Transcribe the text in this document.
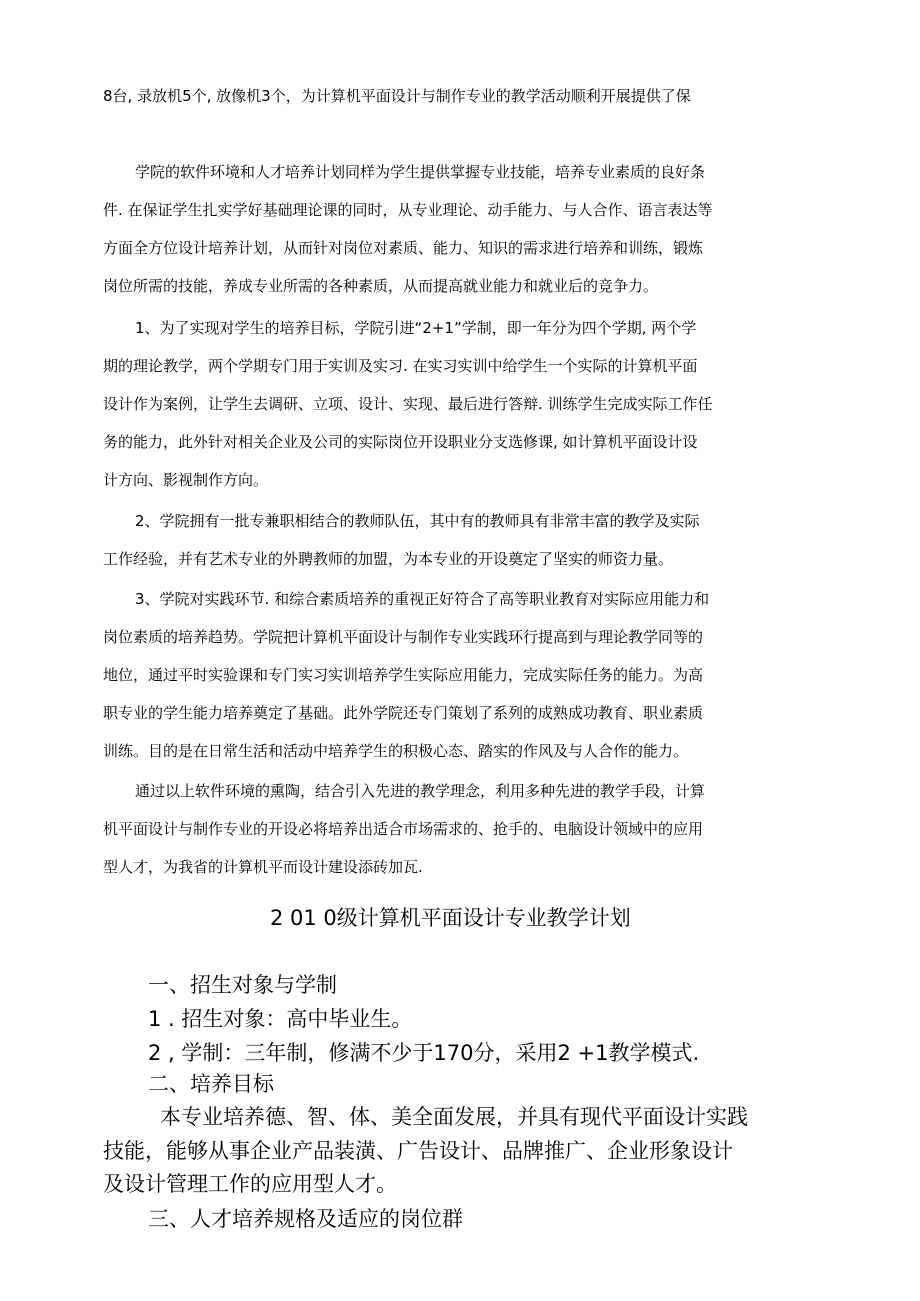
8台, 录放机5个, 放像机3个，为计算机平面设计与制作专业的教学活动顺利开展提供了保
学院的软件环境和人才培养计划同样为学生提供掌握专业技能，培养专业素质的良好条
件. 在保证学生扎实学好基础理论课的同时，从专业理论、动手能力、与人合作、语言表达等
方面全方位设计培养计划，从而针对岗位对素质、能力、知识的需求进行培养和训练，锻炼
岗位所需的技能，养成专业所需的各种素质，从而提高就业能力和就业后的竞争力。
1、为了实现对学生的培养目标，学院引进“2+1”学制，即一年分为四个学期, 两个学
期的理论教学，两个学期专门用于实训及实习. 在实习实训中给学生一个实际的计算机平面
设计作为案例，让学生去调研、立项、设计、实现、最后进行答辩. 训练学生完成实际工作任
务的能力，此外针对相关企业及公司的实际岗位开设职业分支选修课, 如计算机平面设计设
计方向、影视制作方向。
2、学院拥有一批专兼职相结合的教师队伍，其中有的教师具有非常丰富的教学及实际
工作经验，并有艺术专业的外聘教师的加盟，为本专业的开设奠定了坚实的师资力量。
3、学院对实践环节. 和综合素质培养的重视正好符合了高等职业教育对实际应用能力和
岗位素质的培养趋势。学院把计算机平面设计与制作专业实践环行提高到与理论教学同等的
地位，通过平时实验课和专门实习实训培养学生实际应用能力，完成实际任务的能力。为高
职专业的学生能力培养奠定了基础。此外学院还专门策划了系列的成熟成功教育、职业素质
训练。目的是在日常生活和活动中培养学生的积极心态、踏实的作风及与人合作的能力。
通过以上软件环境的熏陶，结合引入先进的教学理念，利用多种先进的教学手段，计算
机平面设计与制作专业的开设必将培养出适合市场需求的、抢手的、电脑设计领域中的应用
型人才，为我省的计算机平而设计建设添砖加瓦.
2 01 0级计算机平面设计专业教学计划
一、招生对象与学制
1 . 招生对象：高中毕业生。
2 , 学制：三年制，修满不少于170分，采用2 +1教学模式.
二、培养目标
本专业培养德、智、体、美全面发展，并具有现代平面设计实践
技能，能够从事企业产品装潢、广告设计、品牌推广、企业形象设计
及设计管理工作的应用型人才。
三、人才培养规格及适应的岗位群
